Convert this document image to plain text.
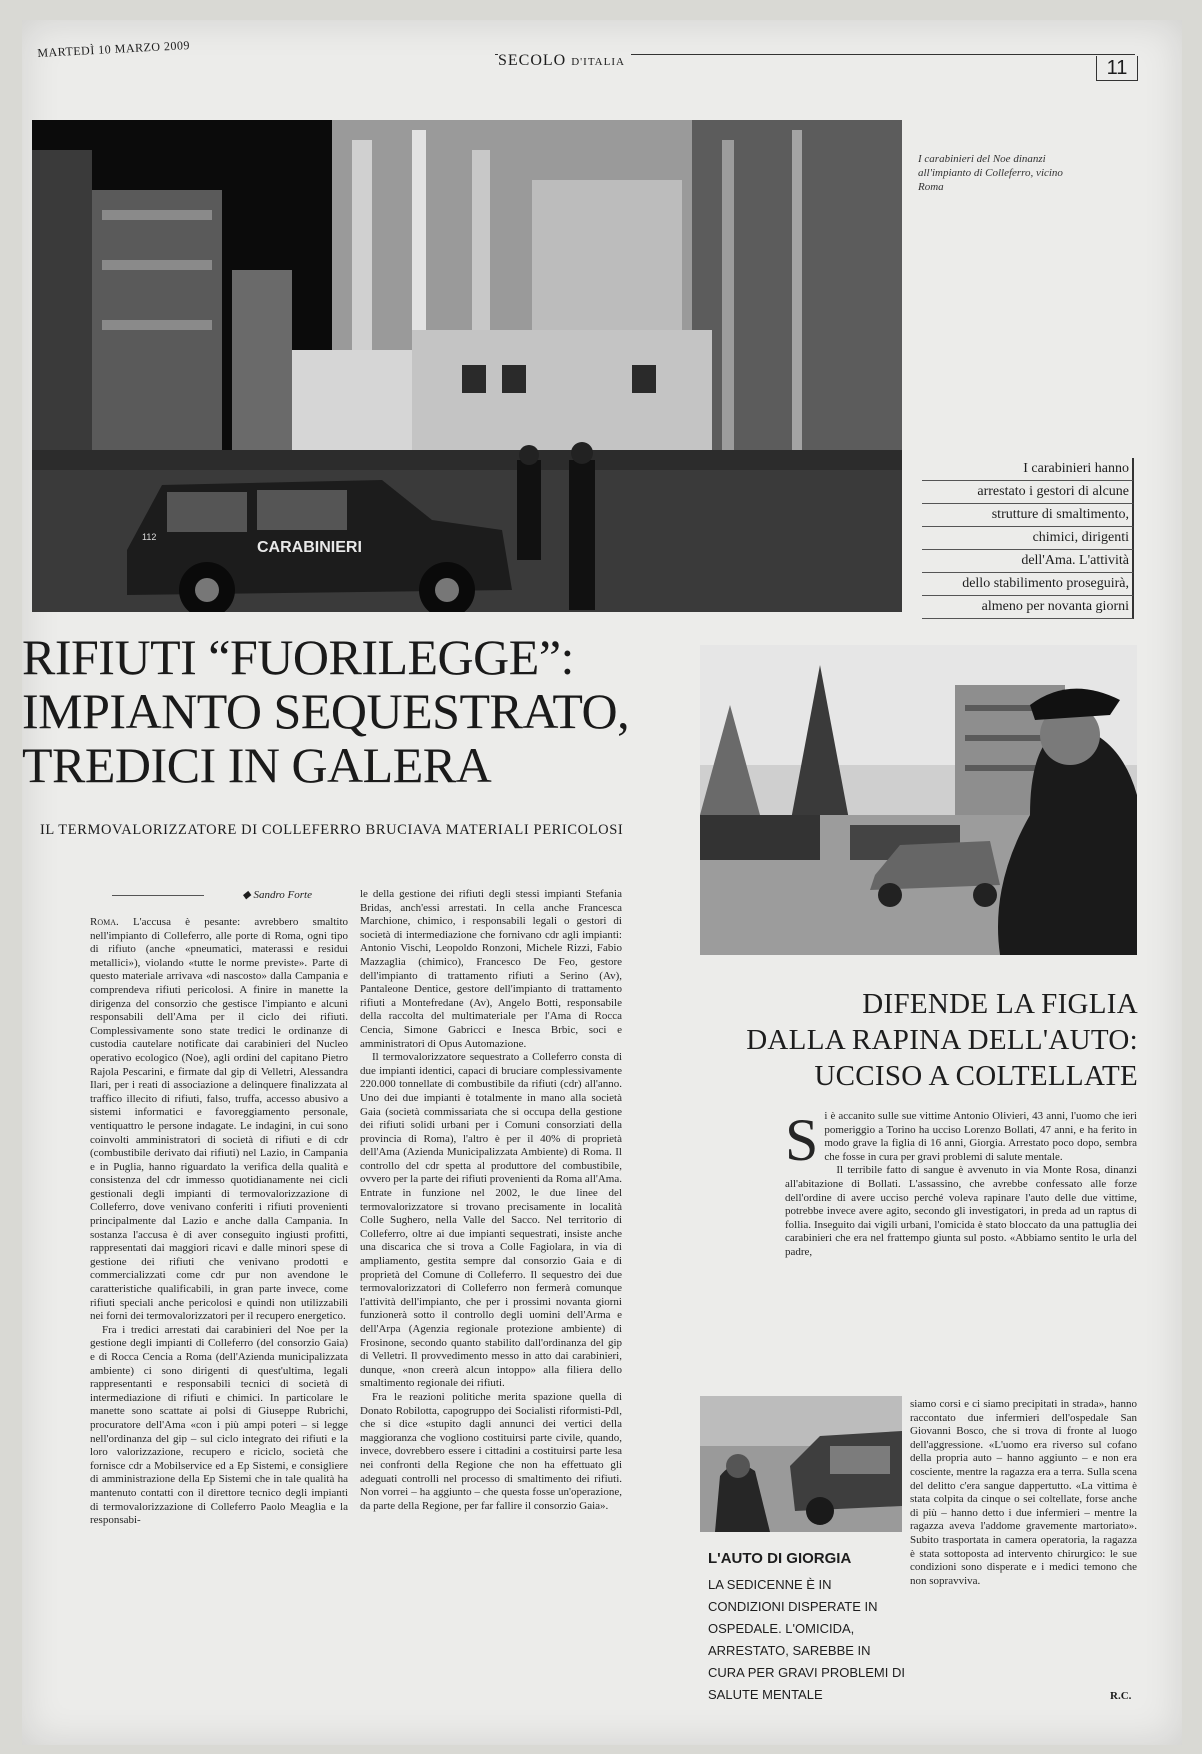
MARTEDÌ 10 MARZO 2009
SECOLO D'ITALIA	11
CARABINIERI
112
I carabinieri del Noe dinanzi all'impianto di Colleferro, vicino Roma
I carabinieri hanno
arrestato i gestori di alcune
strutture di smaltimento,
chimici, dirigenti
dell'Ama. L'attività
dello stabilimento proseguirà,
almeno per novanta giorni
RIFIUTI “FUORILEGGE”:
IMPIANTO SEQUESTRATO,
TREDICI IN GALERA
IL TERMOVALORIZZATORE DI COLLEFERRO BRUCIAVA MATERIALI PERICOLOSI
◆ Sandro Forte

Roma. L'accusa è pesante: avrebbero smaltito nell'impianto di Colleferro, alle porte di Roma, ogni tipo di rifiuto (anche «pneumatici, materassi e residui metallici»), violando «tutte le norme previste». Parte di questo materiale arrivava «di nascosto» dalla Campania e comprendeva rifiuti pericolosi. A finire in manette la dirigenza del consorzio che gestisce l'impianto e alcuni responsabili dell'Ama per il ciclo dei rifiuti. Complessivamente sono state tredici le ordinanze di custodia cautelare notificate dai carabinieri del Nucleo operativo ecologico (Noe), agli ordini del capitano Pietro Rajola Pescarini, e firmate dal gip di Velletri, Alessandra Ilari, per i reati di associazione a delinquere finalizzata al traffico illecito di rifiuti, falso, truffa, accesso abusivo a sistemi informatici e favoreggiamento personale, ventiquattro le persone indagate. Le indagini, in cui sono coinvolti amministratori di società di rifiuti e di cdr (combustibile derivato dai rifiuti) nel Lazio, in Campania e in Puglia, hanno riguardato la verifica della qualità e consistenza del cdr immesso quotidianamente nei cicli gestionali degli impianti di termovalorizzazione di Colleferro, dove venivano conferiti i rifiuti provenienti principalmente dal Lazio e anche dalla Campania. In sostanza l'accusa è di aver conseguito ingiusti profitti, rappresentati dai maggiori ricavi e dalle minori spese di gestione dei rifiuti che venivano prodotti e commercializzati come cdr pur non avendone le caratteristiche qualificabili, in gran parte invece, come rifiuti speciali anche pericolosi e quindi non utilizzabili nei forni dei termovalorizzatori per il recupero energetico.

Fra i tredici arrestati dai carabinieri del Noe per la gestione degli impianti di Colleferro (del consorzio Gaia) e di Rocca Cencia a Roma (dell'Azienda municipalizzata ambiente) ci sono dirigenti di quest'ultima, legali rappresentanti e responsabili tecnici di società di intermediazione di rifiuti e chimici. In particolare le manette sono scattate ai polsi di Giuseppe Rubrichi, procuratore dell'Ama «con i più ampi poteri – si legge nell'ordinanza del gip – sul ciclo integrato dei rifiuti e la loro valorizzazione, recupero e riciclo, società che fornisce cdr a Mobilservice ed a Ep Sistemi, e consigliere di amministrazione della Ep Sistemi che in tale qualità ha mantenuto contatti con il direttore tecnico degli impianti di termovalorizzazione di Colleferro Paolo Meaglia e la responsabi-

le della gestione dei rifiuti degli stessi impianti Stefania Bridas, anch'essi arrestati. In cella anche Francesca Marchione, chimico, i responsabili legali o gestori di società di intermediazione che fornivano cdr agli impianti: Antonio Vischi, Leopoldo Ronzoni, Michele Rizzi, Fabio Mazzaglia (chimico), Francesco De Feo, gestore dell'impianto di trattamento rifiuti a Serino (Av), Pantaleone Dentice, gestore dell'impianto di trattamento rifiuti a Montefredane (Av), Angelo Botti, responsabile della raccolta del multimateriale per l'Ama di Rocca Cencia, Simone Gabricci e Inesca Brbic, soci e amministratori di Opus Automazione.

Il termovalorizzatore sequestrato a Colleferro consta di due impianti identici, capaci di bruciare complessivamente 220.000 tonnellate di combustibile da rifiuti (cdr) all'anno. Uno dei due impianti è totalmente in mano alla società Gaia (società commissariata che si occupa della gestione dei rifiuti solidi urbani per i Comuni consorziati della provincia di Roma), l'altro è per il 40% di proprietà dell'Ama (Azienda Municipalizzata Ambiente) di Roma. Il controllo del cdr spetta al produttore del combustibile, ovvero per la parte dei rifiuti provenienti da Roma all'Ama. Entrate in funzione nel 2002, le due linee del termovalorizzatore si trovano precisamente in località Colle Sughero, nella Valle del Sacco. Nel territorio di Colleferro, oltre ai due impianti sequestrati, insiste anche una discarica che si trova a Colle Fagiolara, in via di ampliamento, gestita sempre dal consorzio Gaia e di proprietà del Comune di Colleferro. Il sequestro dei due termovalorizzatori di Colleferro non fermerà comunque l'attività dell'impianto, che per i prossimi novanta giorni funzionerà sotto il controllo degli uomini dell'Arma e dell'Arpa (Agenzia regionale protezione ambiente) di Frosinone, secondo quanto stabilito dall'ordinanza del gip di Velletri. Il provvedimento messo in atto dai carabinieri, dunque, «non creerà alcun intoppo» alla filiera dello smaltimento regionale dei rifiuti.

Fra le reazioni politiche merita spazione quella di Donato Robilotta, capogruppo dei Socialisti riformisti-Pdl, che si dice «stupito dagli annunci dei vertici della maggioranza che vogliono costituirsi parte civile, quando, invece, dovrebbero essere i cittadini a costituirsi parte lesa nei confronti della Regione che non ha effettuato gli adeguati controlli nel processo di smaltimento dei rifiuti. Non vorrei – ha aggiunto – che questa fosse un'operazione, da parte della Regione, per far fallire il consorzio Gaia».

DIFENDE LA FIGLIA
DALLA RAPINA DELL'AUTO:
UCCISO A COLTELLATE

Si è accanito sulle sue vittime Antonio Olivieri, 43 anni, l'uomo che ieri pomeriggio a Torino ha ucciso Lorenzo Bollati, 47 anni, e ha ferito in modo grave la figlia di 16 anni, Giorgia. Arrestato poco dopo, sembra che fosse in cura per gravi problemi di salute mentale.

Il terribile fatto di sangue è avvenuto in via Monte Rosa, dinanzi all'abitazione di Bollati. L'assassino, che avrebbe confessato alle forze dell'ordine di avere ucciso perché voleva rapinare l'auto delle due vittime, potrebbe invece avere agito, secondo gli investigatori, in preda ad un raptus di follia. Inseguito dai vigili urbani, l'omicida è stato bloccato da una pattuglia dei carabinieri che era nel frattempo giunta sul posto. «Abbiamo sentito le urla del padre,

siamo corsi e ci siamo precipitati in strada», hanno raccontato due infermieri dell'ospedale San Giovanni Bosco, che si trova di fronte al luogo dell'aggressione. «L'uomo era riverso sul cofano della propria auto – hanno aggiunto – e non era cosciente, mentre la ragazza era a terra. Sulla scena del delitto c'era sangue dappertutto. «La vittima è stata colpita da cinque o sei coltellate, forse anche di più – hanno detto i due infermieri – mentre la ragazza aveva l'addome gravemente martoriato». Subito trasportata in camera operatoria, la ragazza è stata sottoposta ad intervento chirurgico: le sue condizioni sono disperate e i medici temono che non sopravviva.

R.C.
L'AUTO DI GIORGIA
LA SEDICENNE È IN CONDIZIONI DISPERATE IN OSPEDALE. L'OMICIDA, ARRESTATO, SAREBBE IN CURA PER GRAVI PROBLEMI DI SALUTE MENTALE
